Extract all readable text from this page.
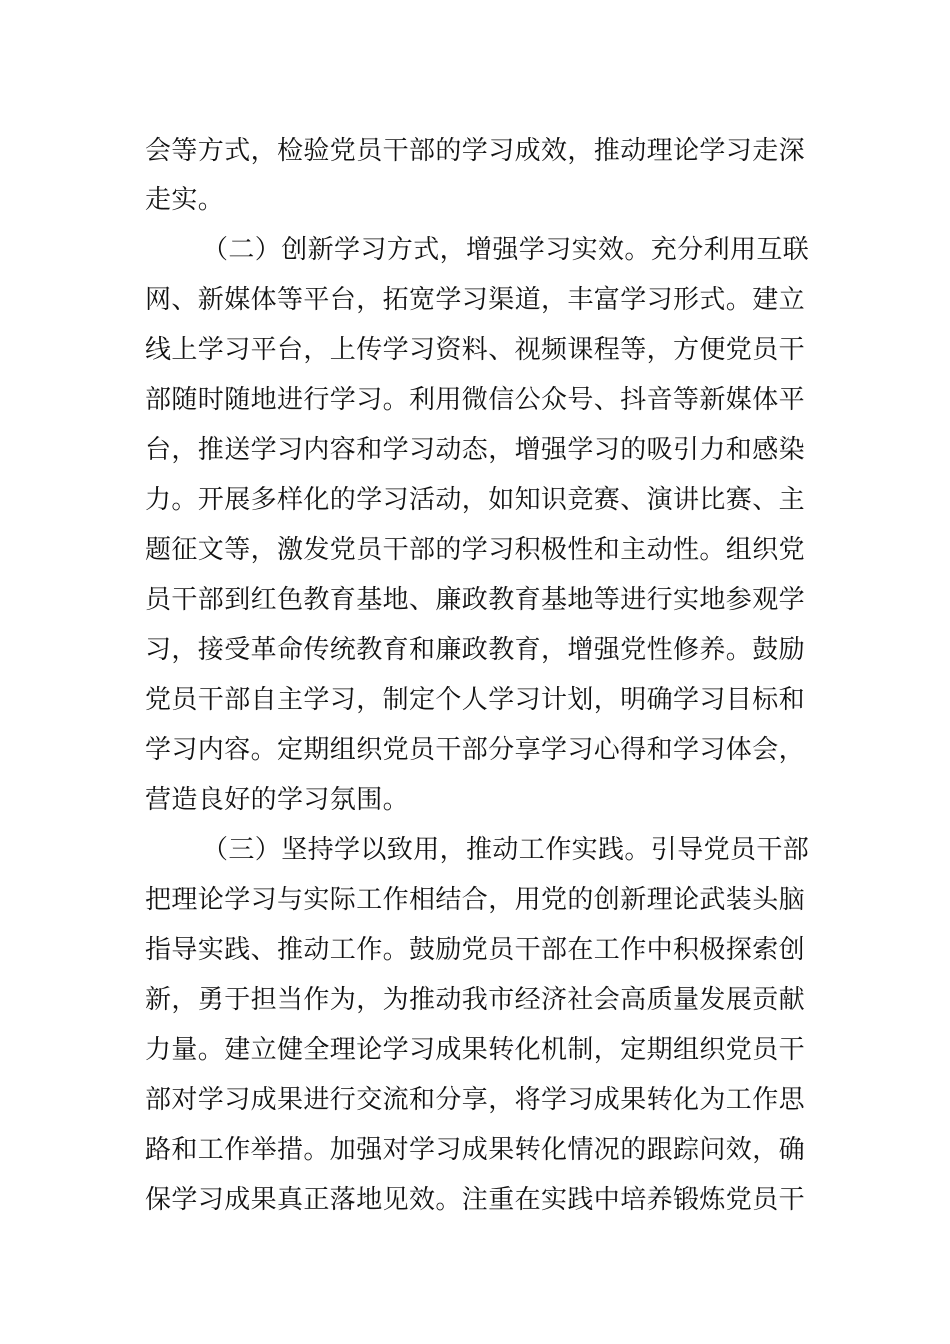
会等方式，检验党员干部的学习成效，推动理论学习走深
走实。
（二）创新学习方式，增强学习实效。充分利用互联
网、新媒体等平台，拓宽学习渠道，丰富学习形式。建立
线上学习平台，上传学习资料、视频课程等，方便党员干
部随时随地进行学习。利用微信公众号、抖音等新媒体平
台，推送学习内容和学习动态，增强学习的吸引力和感染
力。开展多样化的学习活动，如知识竞赛、演讲比赛、主
题征文等，激发党员干部的学习积极性和主动性。组织党
员干部到红色教育基地、廉政教育基地等进行实地参观学
习，接受革命传统教育和廉政教育，增强党性修养。鼓励
党员干部自主学习，制定个人学习计划，明确学习目标和
学习内容。定期组织党员干部分享学习心得和学习体会，
营造良好的学习氛围。
（三）坚持学以致用，推动工作实践。引导党员干部
把理论学习与实际工作相结合，用党的创新理论武装头脑
指导实践、推动工作。鼓励党员干部在工作中积极探索创
新，勇于担当作为，为推动我市经济社会高质量发展贡献
力量。建立健全理论学习成果转化机制，定期组织党员干
部对学习成果进行交流和分享，将学习成果转化为工作思
路和工作举措。加强对学习成果转化情况的跟踪问效，确
保学习成果真正落地见效。注重在实践中培养锻炼党员干
